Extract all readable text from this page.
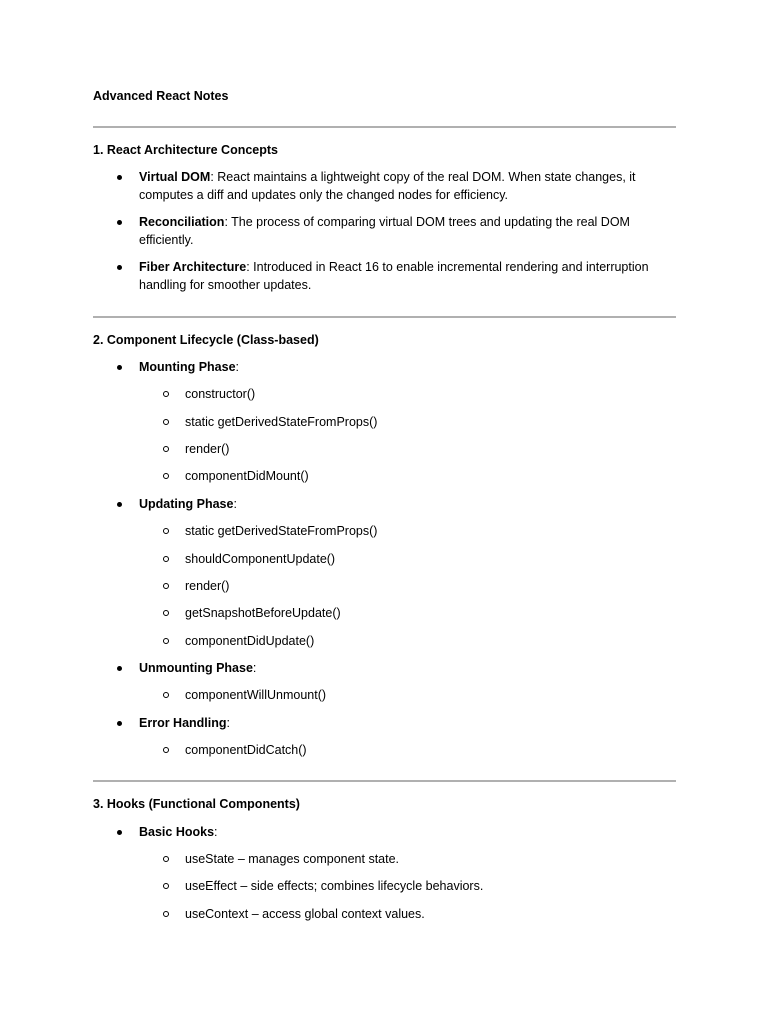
Advanced React Notes
1. React Architecture Concepts
Virtual DOM: React maintains a lightweight copy of the real DOM. When state changes, it computes a diff and updates only the changed nodes for efficiency.
Reconciliation: The process of comparing virtual DOM trees and updating the real DOM efficiently.
Fiber Architecture: Introduced in React 16 to enable incremental rendering and interruption handling for smoother updates.
2. Component Lifecycle (Class-based)
Mounting Phase:
constructor()
static getDerivedStateFromProps()
render()
componentDidMount()
Updating Phase:
static getDerivedStateFromProps()
shouldComponentUpdate()
render()
getSnapshotBeforeUpdate()
componentDidUpdate()
Unmounting Phase:
componentWillUnmount()
Error Handling:
componentDidCatch()
3. Hooks (Functional Components)
Basic Hooks:
useState – manages component state.
useEffect – side effects; combines lifecycle behaviors.
useContext – access global context values.
